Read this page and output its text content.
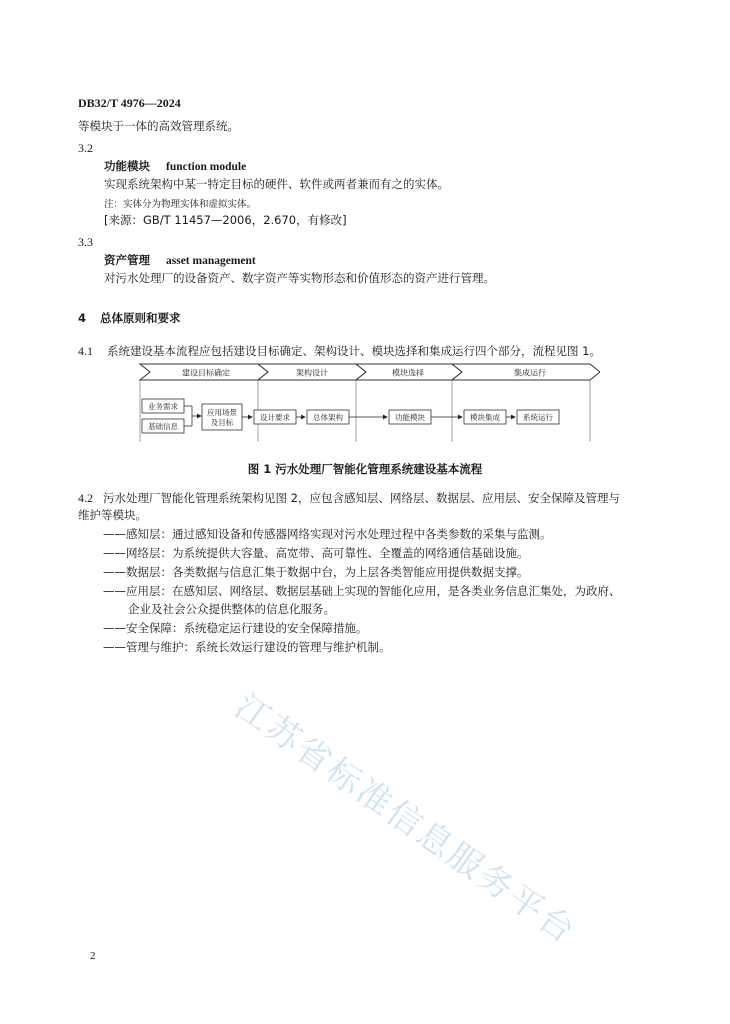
DB32/T 4976—2024
等模块于一体的高效管理系统。
3.2
功能模块 function module
实现系统架构中某一特定目标的硬件、软件或两者兼而有之的实体。
注：实体分为物理实体和虚拟实体。
[来源：GB/T 11457—2006，2.670，有修改]
3.3
资产管理 asset management
对污水处理厂的设备资产、数字资产等实物形态和价值形态的资产进行管理。
4 总体原则和要求
4.1 系统建设基本流程应包括建设目标确定、架构设计、模块选择和集成运行四个部分，流程见图 1。
建设目标确定	架构设计	模块选择	集成运行
业务需求
基础信息
应用场景
及目标
设计要求	总体架构	功能模块	模块集成	系统运行
图 1 污水处理厂智能化管理系统建设基本流程
4.2 污水处理厂智能化管理系统架构见图 2，应包含感知层、网络层、数据层、应用层、安全保障及管理与
维护等模块。
——感知层：通过感知设备和传感器网络实现对污水处理过程中各类参数的采集与监测。
——网络层：为系统提供大容量、高宽带、高可靠性、全覆盖的网络通信基础设施。
——数据层：各类数据与信息汇集于数据中台，为上层各类智能应用提供数据支撑。
——应用层：在感知层、网络层、数据层基础上实现的智能化应用，是各类业务信息汇集处，为政府、
企业及社会公众提供整体的信息化服务。
——安全保障：系统稳定运行建设的安全保障措施。
——管理与维护：系统长效运行建设的管理与维护机制。
江苏省标准信息服务平台
2
